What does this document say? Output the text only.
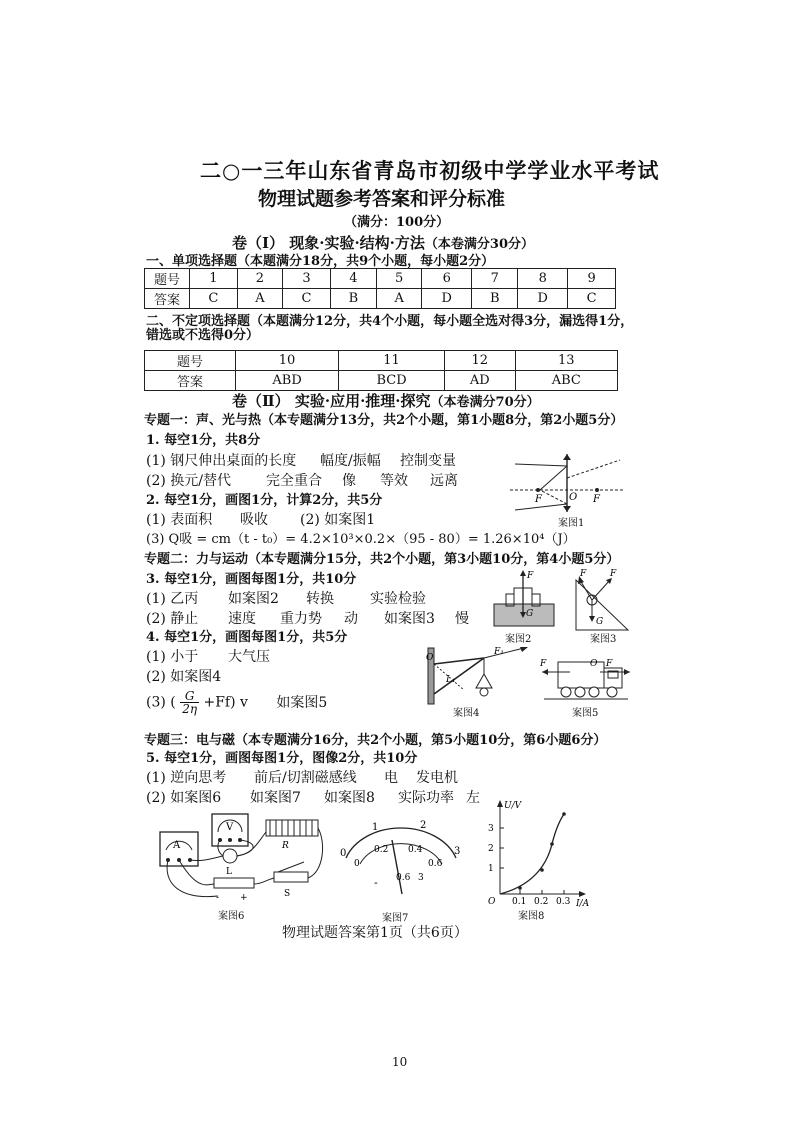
二○一三年山东省青岛市初级中学学业水平考试
物理试题参考答案和评分标准
（满分：100分）
卷（Ⅰ） 现象·实验·结构·方法（本卷满分30分）
一、单项选择题（本题满分18分，共9个小题，每小题2分）
题号	1	2	3	4	5	6	7	8	9
答案	C	A	C	B	A	D	B	D	C
二、不定项选择题（本题满分12分，共4个小题，每小题全选对得3分，漏选得1分，
错选或不选得0分）
题号	10	11	12	13
答案	ABD	BCD	AD	ABC
卷（Ⅱ） 实验·应用·推理·探究（本卷满分70分）
专题一：声、光与热（本专题满分13分，共2个小题，第1小题8分，第2小题5分）
1. 每空1分，共8分
(1) 钢尺伸出桌面的长度 幅度/振幅 控制变量
(2) 换元/替代	完全重合 像 等效 远离
2. 每空1分，画图1分，计算2分，共5分
(1) 表面积 吸收 (2) 如案图1
(3) Q吸 = cm（t - t₀）= 4.2×10³×0.2×（95 - 80）= 1.26×10⁴（J）
F	O F
案图1
专题二：力与运动（本专题满分15分，共2个小题，第3小题10分，第4小题5分）
3. 每空1分，画图每图1分，共10分
(1) 乙丙 如案图2 转换	实验检验
(2) 静止 速度 重力势 动 如案图3 慢
4. 每空1分，画图每图1分，共5分
(1) 小于 大气压
(2) 如案图4
(3) ( $\frac{G}{2\eta} +Ff$) v 如案图5
F
G
案图2
F	F
G
案图3
O
L₁
F₁
案图4
F	O F
案图5
专题三：电与磁（本专题满分16分，共2个小题，第5小题10分，第6小题6分）
5. 每空1分，画图每图1分，图像2分，共10分
(1) 逆向思考 前后/切割磁感线 电 发电机
(2) 如案图6 如案图7 如案图8 实际功率 左
A
V
R
- +	S
L
案图6
0
1	2
3
0
0.2 0.4
0.6
- 0.6 3
案图7
U/V
I/A
O
1
2
3
0.1 0.2 0.3
案图8
物理试题答案第1页（共6页）
10
